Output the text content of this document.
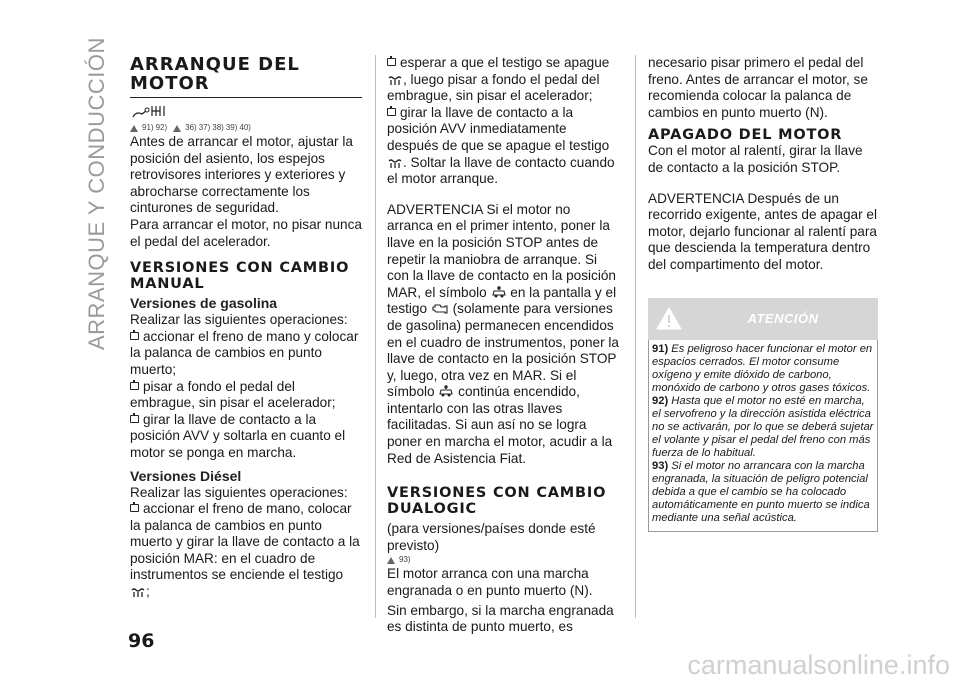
ARRANQUE Y CONDUCCIÓN ARRANQUE DEL MOTOR
91) 92) 36) 37) 38) 39) 40)

Antes de arrancar el motor, ajustar la posición del asiento, los espejos retrovisores interiores y exteriores y abrocharse correctamente los cinturones de seguridad.

Para arrancar el motor, no pisar nunca el pedal del acelerador.

VERSIONES CON CAMBIO MANUAL
Versiones de gasolina

Realizar las siguientes operaciones:

accionar el freno de mano y colocar la palanca de cambios en punto muerto;

pisar a fondo el pedal del embrague, sin pisar el acelerador;

girar la llave de contacto a la posición AVV y soltarla en cuanto el motor se ponga en marcha.

Versiones Diésel

Realizar las siguientes operaciones:

accionar el freno de mano, colocar la palanca de cambios en punto muerto y girar la llave de contacto a la posición MAR: en el cuadro de instrumentos se enciende el testigo ;

esperar a que el testigo se apague

, luego pisar a fondo el pedal del embrague, sin pisar el acelerador;

girar la llave de contacto a la posición AVV inmediatamente después de que se apague el testigo . Soltar la llave de contacto cuando el motor arranque.

ADVERTENCIA Si el motor no arranca en el primer intento, poner la llave en la posición STOP antes de repetir la maniobra de arranque. Si con la llave de contacto en la posición MAR, el símbolo en la pantalla y el testigo (solamente para versiones de gasolina) permanecen encendidos en el cuadro de instrumentos, poner la llave de contacto en la posición STOP y, luego, otra vez en MAR. Si el símbolo continúa encendido, intentarlo con las otras llaves facilitadas. Si aun así no se logra poner en marcha el motor, acudir a la Red de Asistencia Fiat.

VERSIONES CON CAMBIO DUALOGIC

(para versiones/países donde esté previsto)

93)

El motor arranca con una marcha engranada o en punto muerto (N).

Sin embargo, si la marcha engranada es distinta de punto muerto, es

necesario pisar primero el pedal del freno. Antes de arrancar el motor, se recomienda colocar la palanca de cambios en punto muerto (N).

APAGADO DEL MOTOR

Con el motor al ralentí, girar la llave de contacto a la posición STOP.

ADVERTENCIA Después de un recorrido exigente, antes de apagar el motor, dejarlo funcionar al ralentí para que descienda la temperatura dentro del compartimento del motor.

ATENCIÓN

91) Es peligroso hacer funcionar el motor en espacios cerrados. El motor consume oxígeno y emite dióxido de carbono, monóxido de carbono y otros gases tóxicos.

92) Hasta que el motor no esté en marcha, el servofreno y la dirección asistida eléctrica no se activarán, por lo que se deberá sujetar el volante y pisar el pedal del freno con más fuerza de lo habitual.

93) Si el motor no arrancara con la marcha engranada, la situación de peligro potencial debida a que el cambio se ha colocado automáticamente en punto muerto se indica mediante una señal acústica.

96
carmanualsonline.info
